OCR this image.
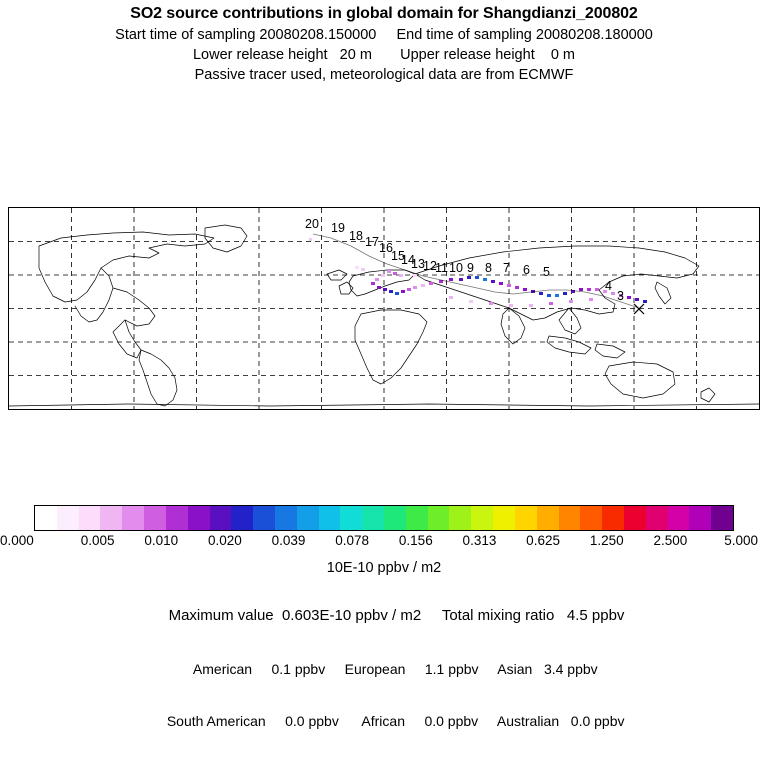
SO2 source contributions in global domain for Shangdianzi_200802
Start time of sampling 20080208.150000     End time of sampling 20080208.180000
Lower release height   20 m       Upper release height    0 m
Passive tracer used, meteorological data are from ECMWF
20 19
18 17 16
15
14
13
12
11 10 9 8 7 6 5
4
3
0.000	0.005 0.010 0.020 0.039 0.078 0.156 0.313 0.625 1.250 2.500	5.000
10E-10 ppbv / m2

Maximum value 0.603E-10 ppbv / m2 Total mixing ratio 4.5 ppbv

American 0.1 ppbv European 1.1 ppbv Asian 3.4 ppbv

South American 0.0 ppbv African 0.0 ppbv Australian 0.0 ppbv
